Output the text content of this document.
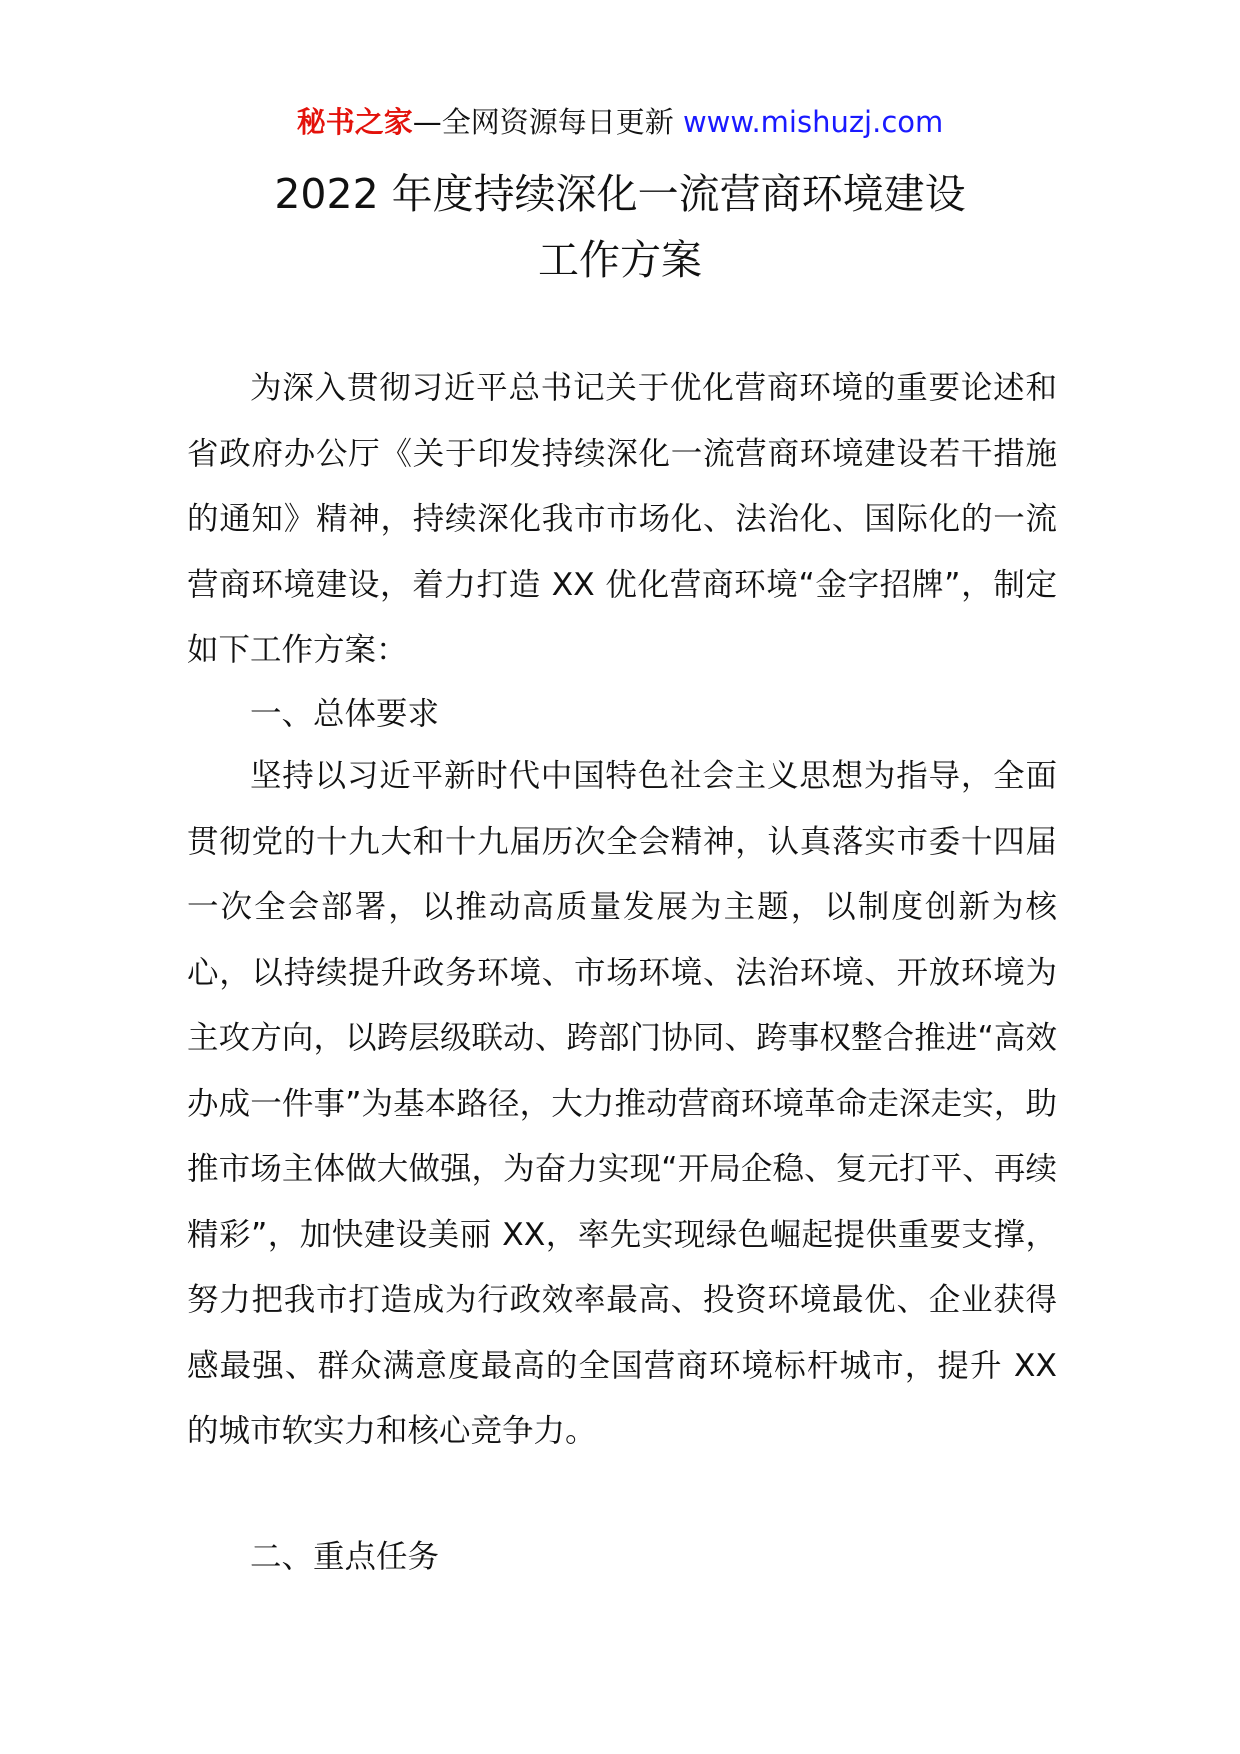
秘书之家—全网资源每日更新 www.mishuzj.com
2022 年度持续深化一流营商环境建设
工作方案

为深入贯彻习近平总书记关于优化营商环境的重要论述和省政府办公厅《关于印发持续深化一流营商环境建设若干措施的通知》精神，持续深化我市市场化、法治化、国际化的一流营商环境建设，着力打造 XX 优化营商环境“金字招牌”，制定如下工作方案：

一、总体要求

坚持以习近平新时代中国特色社会主义思想为指导，全面贯彻党的十九大和十九届历次全会精神，认真落实市委十四届一次全会部署，以推动高质量发展为主题，以制度创新为核心，以持续提升政务环境、市场环境、法治环境、开放环境为主攻方向，以跨层级联动、跨部门协同、跨事权整合推进“高效办成一件事”为基本路径，大力推动营商环境革命走深走实，助推市场主体做大做强，为奋力实现“开局企稳、复元打平、再续精彩”，加快建设美丽 XX，率先实现绿色崛起提供重要支撑，努力把我市打造成为行政效率最高、投资环境最优、企业获得感最强、群众满意度最高的全国营商环境标杆城市，提升 XX 的城市软实力和核心竞争力。

二、重点任务
